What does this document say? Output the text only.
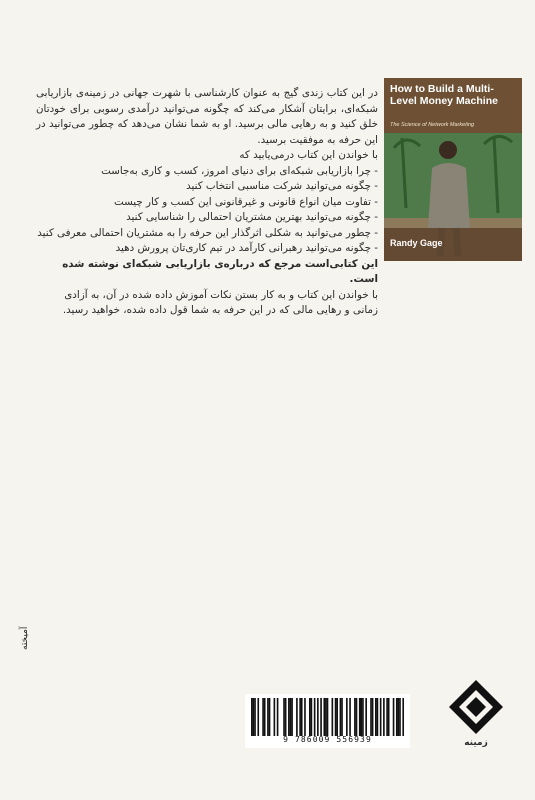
How to Build a Multi-Level Money Machine
The Science of Network Marketing
Randy Gage

در این کتاب زندی گیج به عنوان کارشناسی با شهرت جهانی در زمینه‌ی بازاریابی شبکه‌ای، برایتان آشکار می‌کند که چگونه می‌توانید درآمدی رسوبی برای خودتان خلق کنید و به رهایی مالی برسید. او به شما نشان می‌دهد که چطور می‌توانید در این حرفه به موفقیت برسید.

با خواندن این کتاب درمی‌یابید که

- چرا بازاریابی شبکه‌ای برای دنیای امروز، کسب و کاری به‌جاست
- چگونه می‌توانید شرکت مناسبی انتخاب کنید
- تفاوت میان انواع قانونی و غیرقانونی این کسب و کار چیست
- چگونه می‌توانید بهترین مشتریان احتمالی را شناسایی کنید
- چطور می‌توانید به شکلی اثرگذار این حرفه را به مشتریان احتمالی معرفی کنید
- چگونه می‌توانید رهبرانی کارآمد در تیم کاری‌تان پرورش دهید

این کتابی‌است مرجع که درباره‌ی بازاریابی شبکه‌ای نوشته شده است.

با خواندن این کتاب و به کار بستن نکات آموزش داده شده در آن، به آزادی زمانی و رهایی مالی که در این حرفه به شما قول داده شده، خواهید رسید.

آمیخته
9 786009 556939	زمینه
